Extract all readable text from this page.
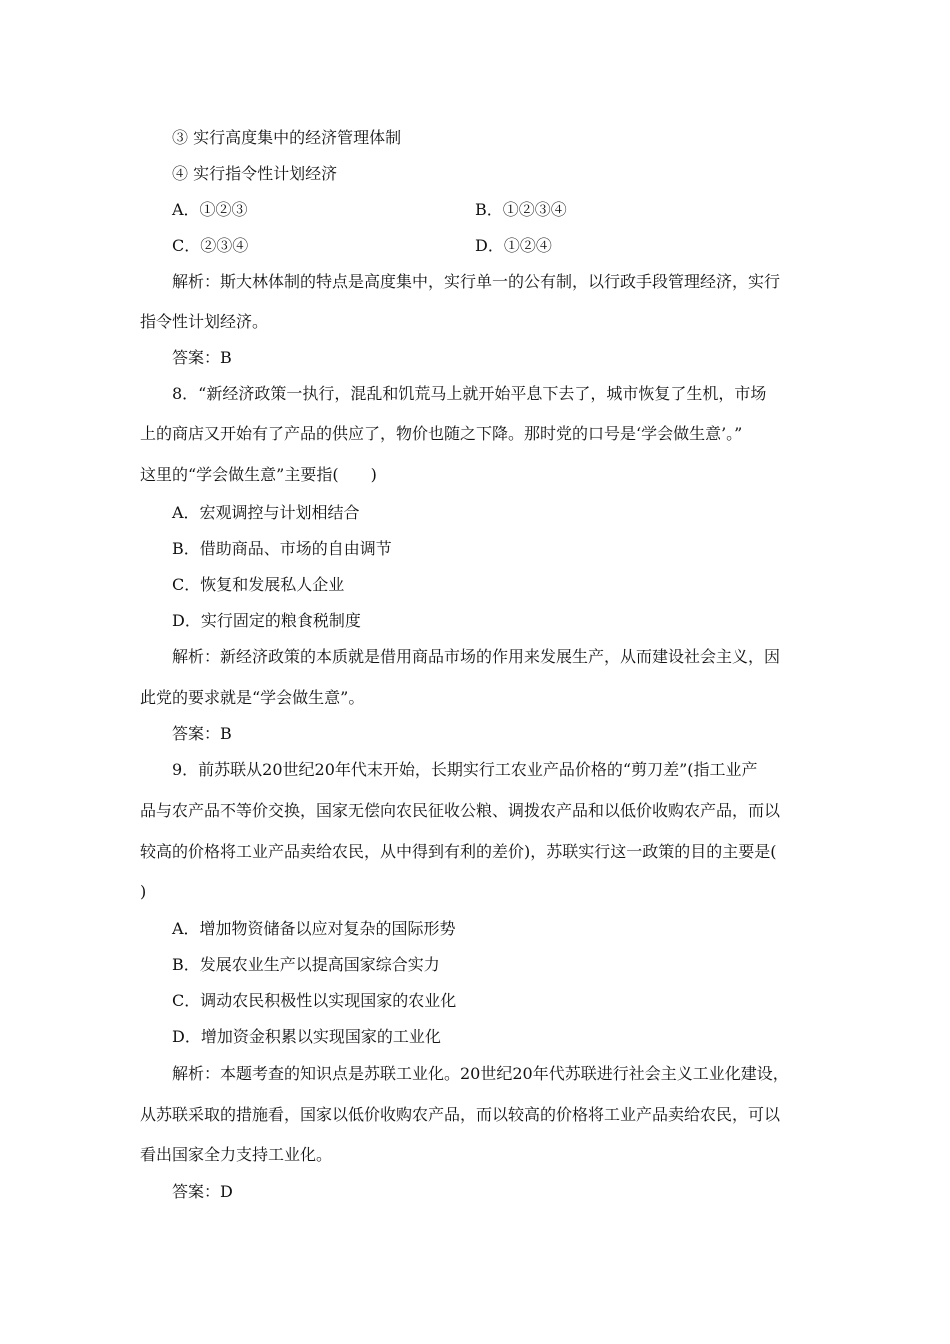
③ 实行高度集中的经济管理体制
④ 实行指令性计划经济
A．①②③	B．①②③④
C．②③④	D．①②④
解析：斯大林体制的特点是高度集中，实行单一的公有制，以行政手段管理经济，实行
指令性计划经济。
答案：B
8．“新经济政策一执行，混乱和饥荒马上就开始平息下去了，城市恢复了生机，市场
上的商店又开始有了产品的供应了，物价也随之下降。那时党的口号是‘学会做生意’。”
这里的“学会做生意”主要指(　　)
A．宏观调控与计划相结合
B．借助商品、市场的自由调节
C．恢复和发展私人企业
D．实行固定的粮食税制度
解析：新经济政策的本质就是借用商品市场的作用来发展生产，从而建设社会主义，因
此党的要求就是“学会做生意”。
答案：B
9．前苏联从20世纪20年代末开始，长期实行工农业产品价格的“剪刀差”(指工业产
品与农产品不等价交换，国家无偿向农民征收公粮、调拨农产品和以低价收购农产品，而以
较高的价格将工业产品卖给农民，从中得到有利的差价)，苏联实行这一政策的目的主要是(
)
A．增加物资储备以应对复杂的国际形势
B．发展农业生产以提高国家综合实力
C．调动农民积极性以实现国家的农业化
D．增加资金积累以实现国家的工业化
解析：本题考查的知识点是苏联工业化。20世纪20年代苏联进行社会主义工业化建设，
从苏联采取的措施看，国家以低价收购农产品，而以较高的价格将工业产品卖给农民，可以
看出国家全力支持工业化。
答案：D
